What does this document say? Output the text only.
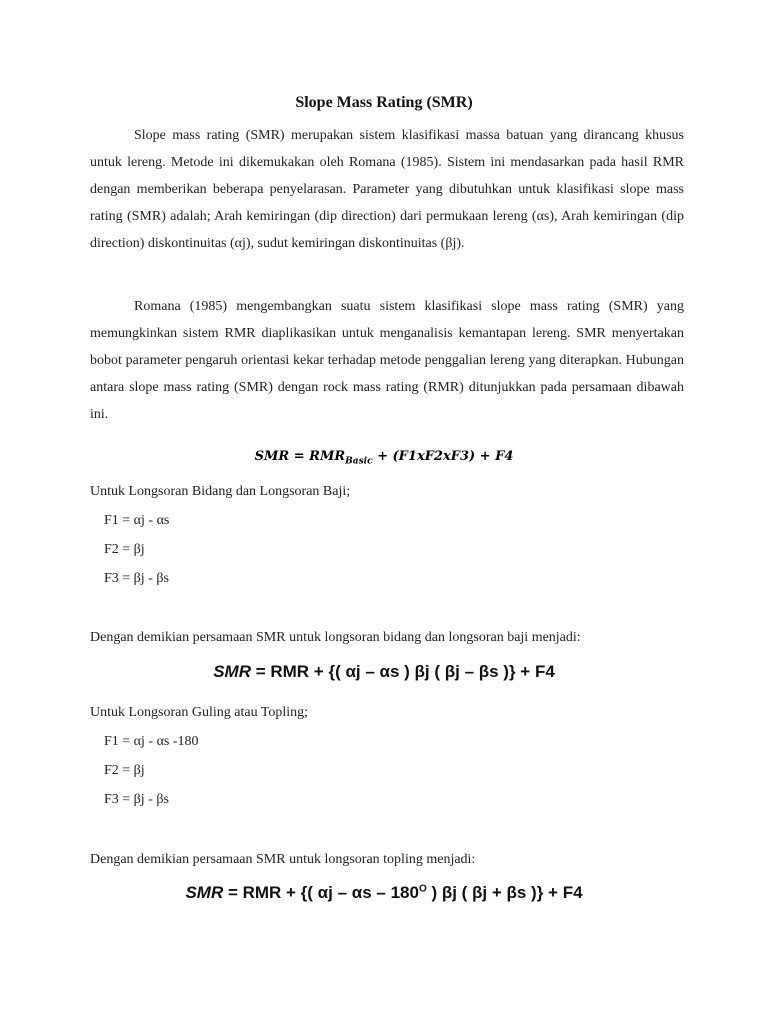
Slope Mass Rating (SMR)
Slope mass rating (SMR) merupakan sistem klasifikasi massa batuan yang dirancang khusus untuk lereng. Metode ini dikemukakan oleh Romana (1985). Sistem ini mendasarkan pada hasil RMR dengan memberikan beberapa penyelarasan. Parameter yang dibutuhkan untuk klasifikasi slope mass rating (SMR) adalah; Arah kemiringan (dip direction) dari permukaan lereng (αs), Arah kemiringan (dip direction) diskontinuitas (αj), sudut kemiringan diskontinuitas (βj).
Romana (1985) mengembangkan suatu sistem klasifikasi slope mass rating (SMR) yang memungkinkan sistem RMR diaplikasikan untuk menganalisis kemantapan lereng. SMR menyertakan bobot parameter pengaruh orientasi kekar terhadap metode penggalian lereng yang diterapkan. Hubungan antara slope mass rating (SMR) dengan rock mass rating (RMR) ditunjukkan pada persamaan dibawah ini.
SMR = $RMR_{Basic} + (F1xF2xF3) + F4$
Untuk Longsoran Bidang dan Longsoran Baji;
F1 = αj - αs
F2 = βj
F3 = βj - βs
Dengan demikian persamaan SMR untuk longsoran bidang dan longsoran baji menjadi:
SMR = RMR + {( αj – αs ) βj ( βj – βs )} + F4
Untuk Longsoran Guling atau Topling;
F1 = αj - αs -180
F2 = βj
F3 = βj - βs
Dengan demikian persamaan SMR untuk longsoran topling menjadi:
SMR = RMR + {( αj – αs – $180^O$ ) βj ( βj + βs )} + F4
